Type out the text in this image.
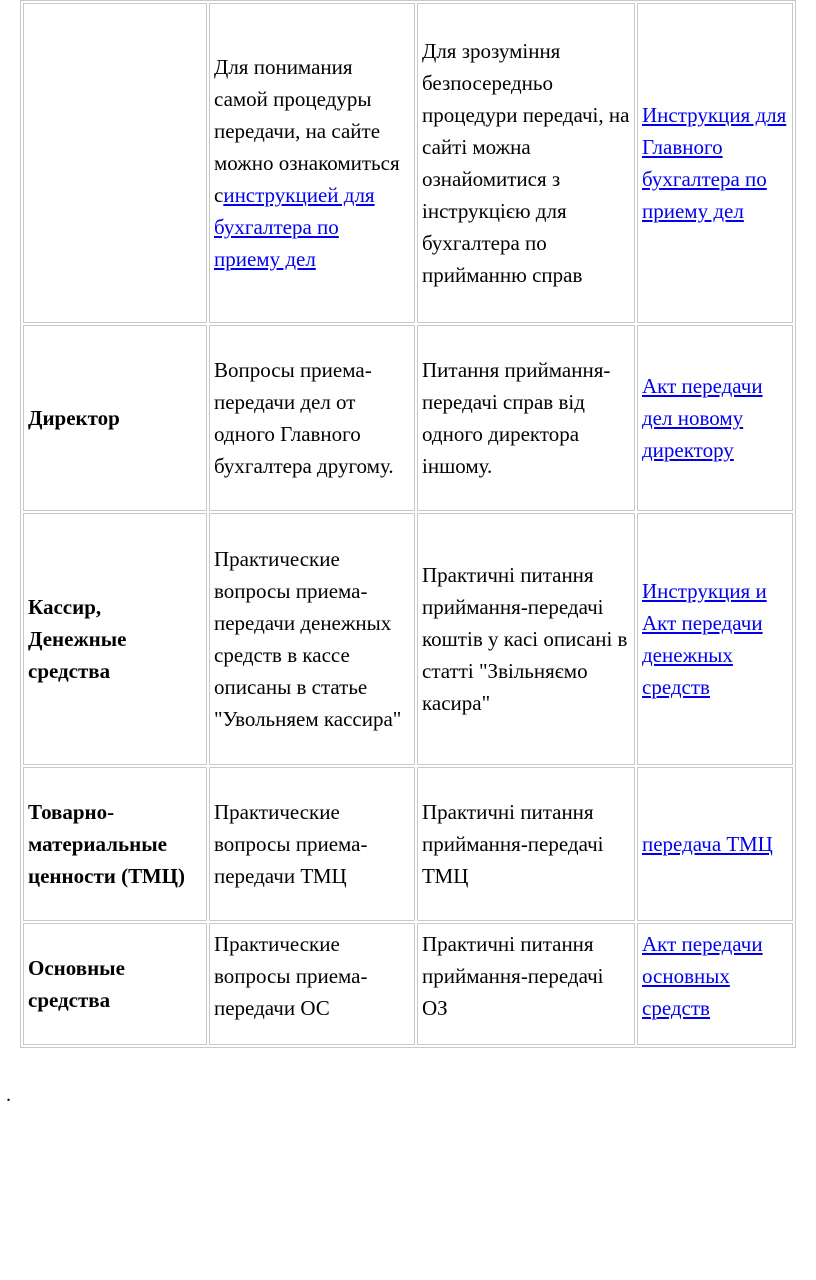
	Для понимания самой процедуры передачи, на сайте можно ознакомиться синструкцией для бухгалтера по приему дел	Для зрозуміння безпосередньо процедури передачі, на сайті можна ознайомитися з інструкцією для бухгалтера по прийманню справ	Инструкция для Главного бухгалтера по приему дел
Директор	Вопросы приема-передачи дел от одного Главного бухгалтера другому.	Питання приймання-передачі справ від одного директора іншому.	Акт передачи дел новому директору
Кассир, Денежные средства	Практические вопросы приема-передачи денежных средств в кассе описаны в статье "Увольняем кассира"	Практичні питання приймання-передачі коштів у касі описані в статті "Звільняємо касира"	Инструкция и Акт передачи денежных средств
Товарно-материальные ценности (ТМЦ)	Практические вопросы приема-передачи ТМЦ	Практичні питання приймання-передачі ТМЦ	передача ТМЦ
Основные средства	Практические вопросы приема-передачи ОС	Практичні питання приймання-передачі ОЗ	Акт передачи основных средств
.
